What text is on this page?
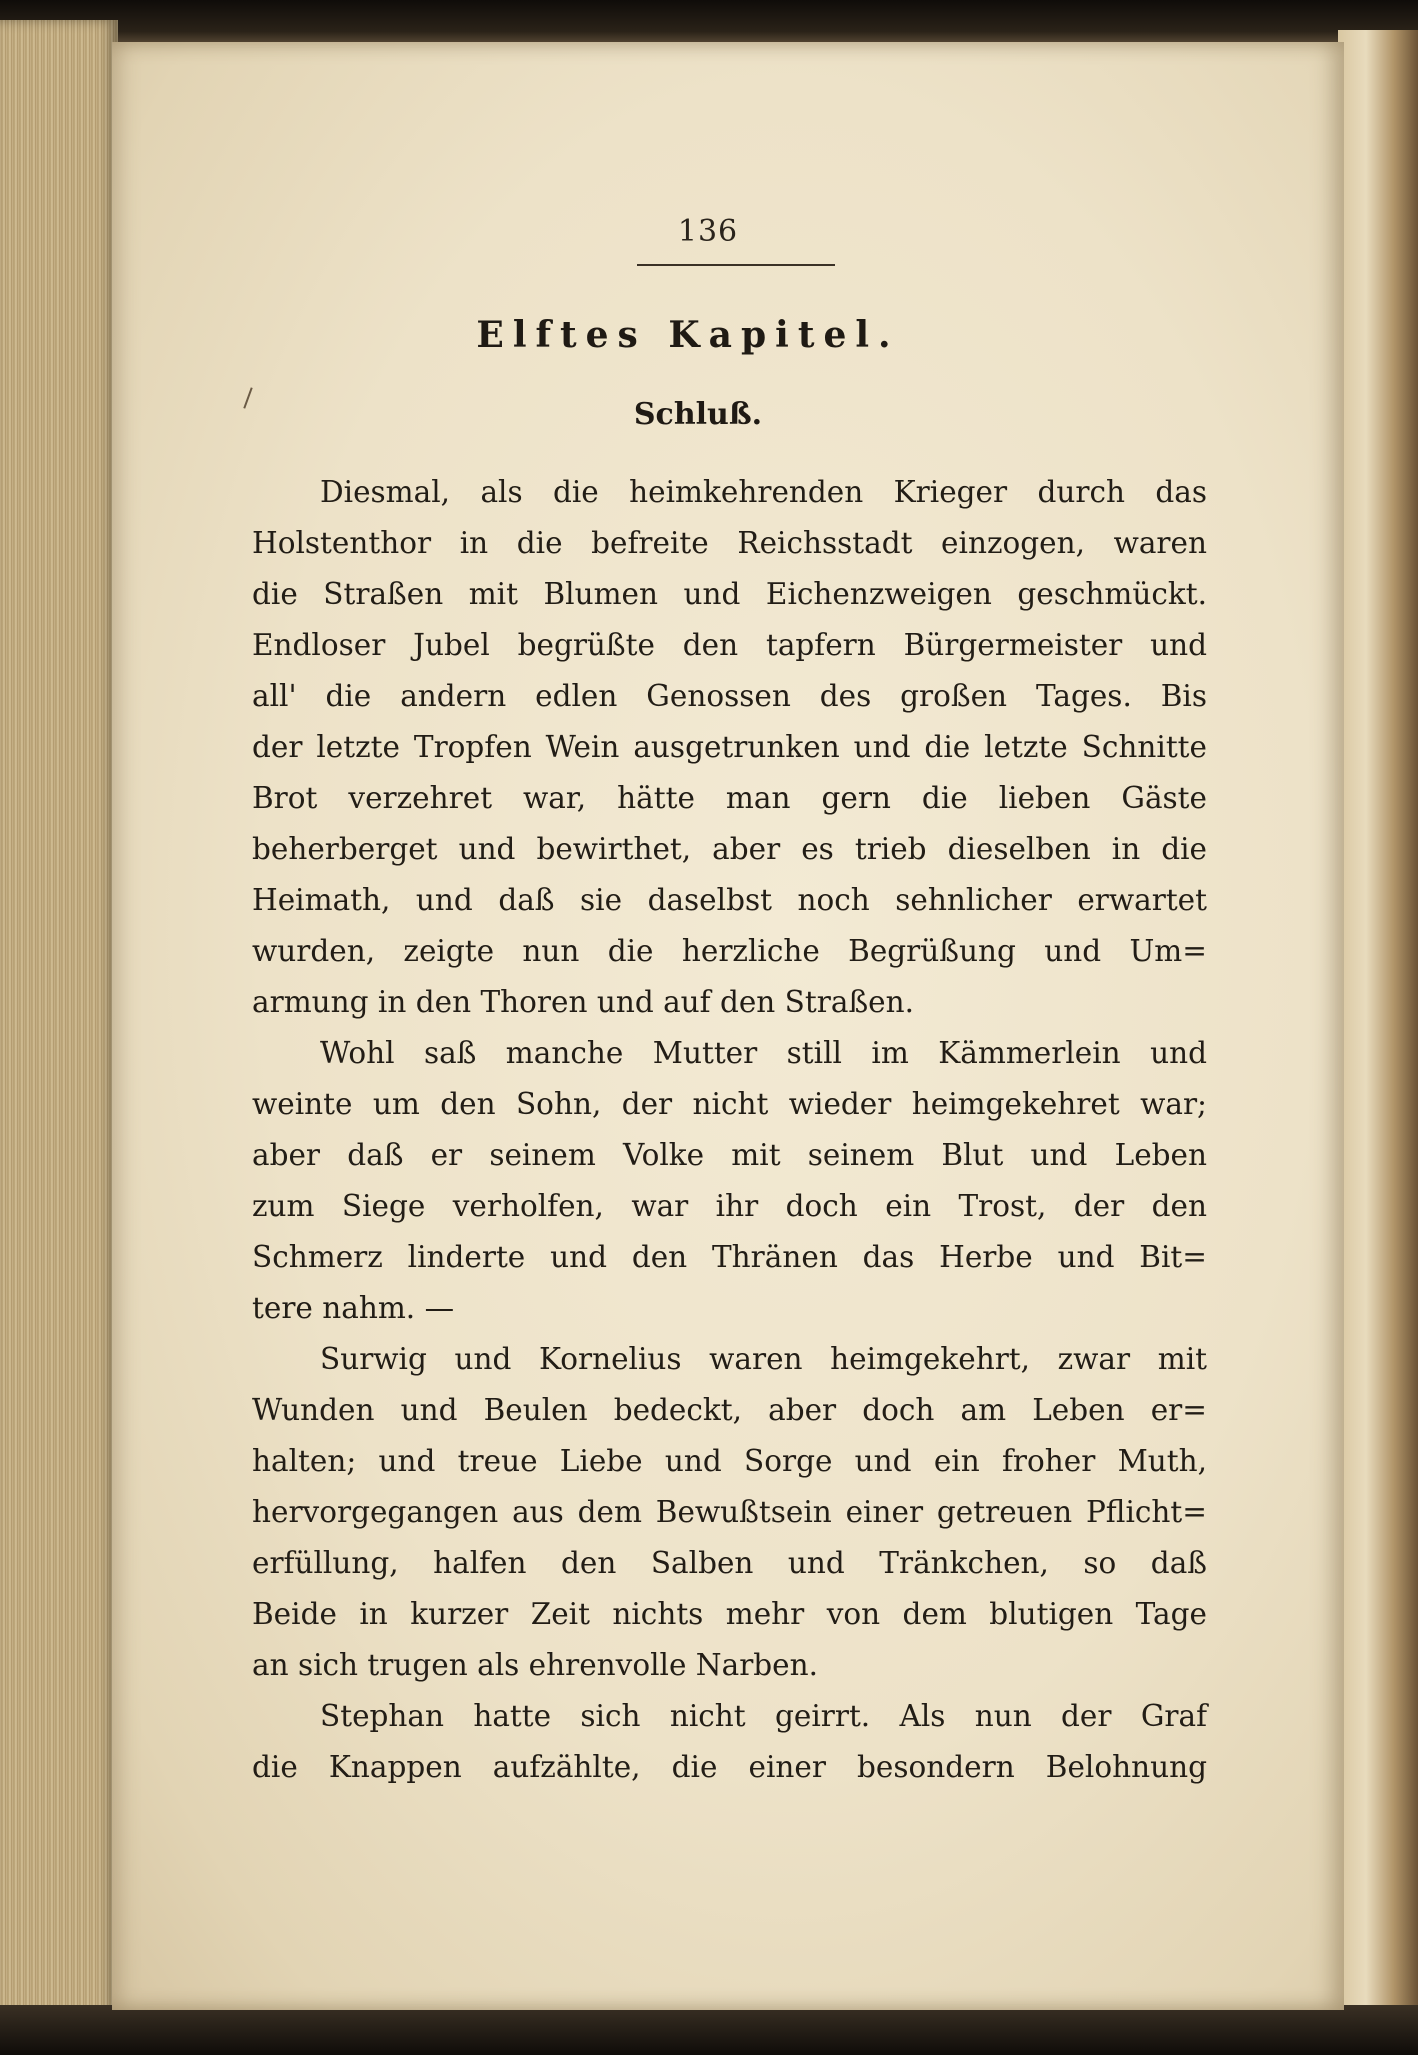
136
Elftes Kapitel.
Schluß.
Diesmal, als die heimkehrenden Krieger durch das
Holstenthor in die befreite Reichsstadt einzogen, waren
die Straßen mit Blumen und Eichenzweigen geschmückt.
Endloser Jubel begrüßte den tapfern Bürgermeister und
all' die andern edlen Genossen des großen Tages. Bis
der letzte Tropfen Wein ausgetrunken und die letzte Schnitte
Brot verzehret war, hätte man gern die lieben Gäste
beherberget und bewirthet, aber es trieb dieselben in die
Heimath, und daß sie daselbst noch sehnlicher erwartet
wurden, zeigte nun die herzliche Begrüßung und Um=
armung in den Thoren und auf den Straßen.
Wohl saß manche Mutter still im Kämmerlein und
weinte um den Sohn, der nicht wieder heimgekehret war;
aber daß er seinem Volke mit seinem Blut und Leben
zum Siege verholfen, war ihr doch ein Trost, der den
Schmerz linderte und den Thränen das Herbe und Bit=
tere nahm. —
Surwig und Kornelius waren heimgekehrt, zwar mit
Wunden und Beulen bedeckt, aber doch am Leben er=
halten; und treue Liebe und Sorge und ein froher Muth,
hervorgegangen aus dem Bewußtsein einer getreuen Pflicht=
erfüllung, halfen den Salben und Tränkchen, so daß
Beide in kurzer Zeit nichts mehr von dem blutigen Tage
an sich trugen als ehrenvolle Narben.
Stephan hatte sich nicht geirrt. Als nun der Graf
die Knappen aufzählte, die einer besondern Belohnung
